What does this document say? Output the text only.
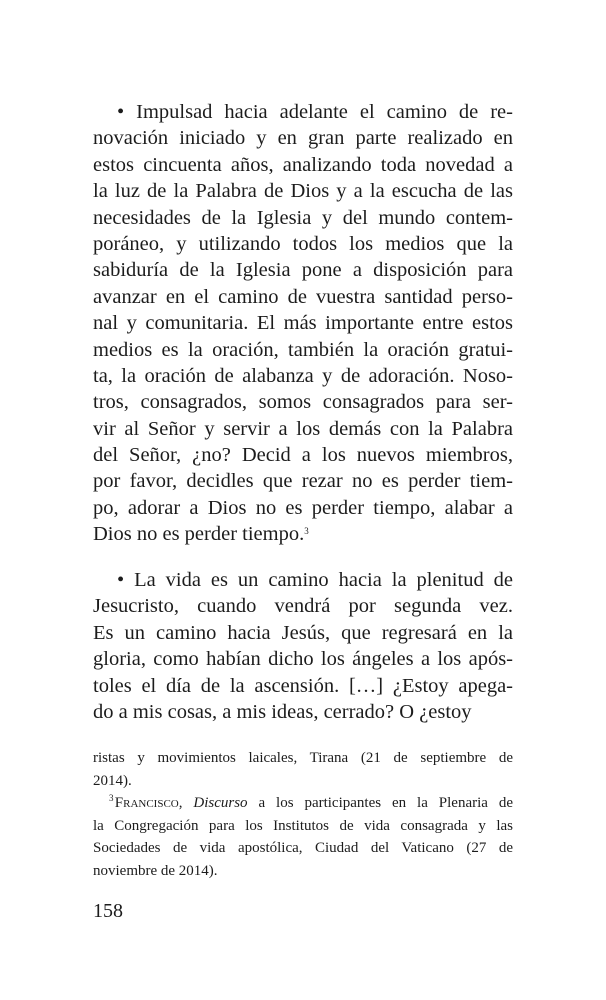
• Impulsad hacia adelante el camino de re-
novación iniciado y en gran parte realizado en
estos cincuenta años, analizando toda novedad a
la luz de la Palabra de Dios y a la escucha de las
necesidades de la Iglesia y del mundo contem-
poráneo, y utilizando todos los medios que la
sabiduría de la Iglesia pone a disposición para
avanzar en el camino de vuestra santidad perso-
nal y comunitaria. El más importante entre estos
medios es la oración, también la oración gratui-
ta, la oración de alabanza y de adoración. Noso-
tros, consagrados, somos consagrados para ser-
vir al Señor y servir a los demás con la Palabra
del Señor, ¿no? Decid a los nuevos miembros,
por favor, decidles que rezar no es perder tiem-
po, adorar a Dios no es perder tiempo, alabar a
Dios no es perder tiempo.$^3$
• La vida es un camino hacia la plenitud de
Jesucristo, cuando vendrá por segunda vez.
Es un camino hacia Jesús, que regresará en la
gloria, como habían dicho los ángeles a los após-
toles el día de la ascensión. […] ¿Estoy apega-
do a mis cosas, a mis ideas, cerrado? O ¿estoy
ristas y movimientos laicales, Tirana (21 de septiembre de
2014).
$^3$ Francisco, Discurso a los participantes en la Plenaria de
la Congregación para los Institutos de vida consagrada y las
Sociedades de vida apostólica, Ciudad del Vaticano (27 de
noviembre de 2014).
158
